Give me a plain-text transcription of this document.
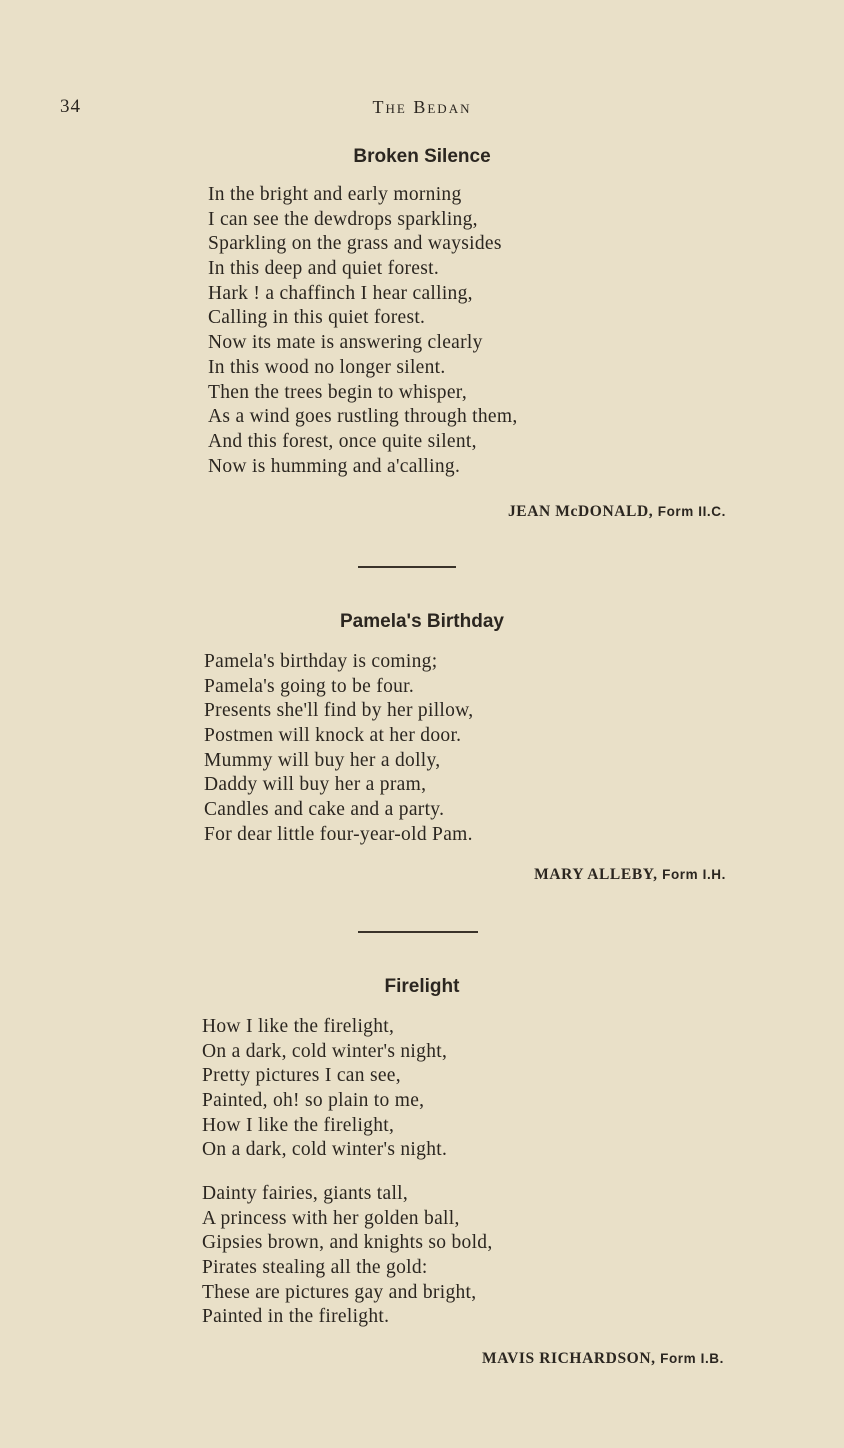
34	The Bedan
Broken Silence
In the bright and early morning
I can see the dewdrops sparkling,
Sparkling on the grass and waysides
In this deep and quiet forest.
Hark ! a chaffinch I hear calling,
Calling in this quiet forest.
Now its mate is answering clearly
In this wood no longer silent.
Then the trees begin to whisper,
As a wind goes rustling through them,
And this forest, once quite silent,
Now is humming and a'calling.
JEAN McDONALD, Form II.C.
Pamela's Birthday
Pamela's birthday is coming;
Pamela's going to be four.
Presents she'll find by her pillow,
Postmen will knock at her door.
Mummy will buy her a dolly,
Daddy will buy her a pram,
Candles and cake and a party.
For dear little four-year-old Pam.
MARY ALLEBY, Form I.H.
Firelight
How I like the firelight,
On a dark, cold winter's night,
Pretty pictures I can see,
Painted, oh! so plain to me,
How I like the firelight,
On a dark, cold winter's night.
Dainty fairies, giants tall,
A princess with her golden ball,
Gipsies brown, and knights so bold,
Pirates stealing all the gold:
These are pictures gay and bright,
Painted in the firelight.
MAVIS RICHARDSON, Form I.B.
